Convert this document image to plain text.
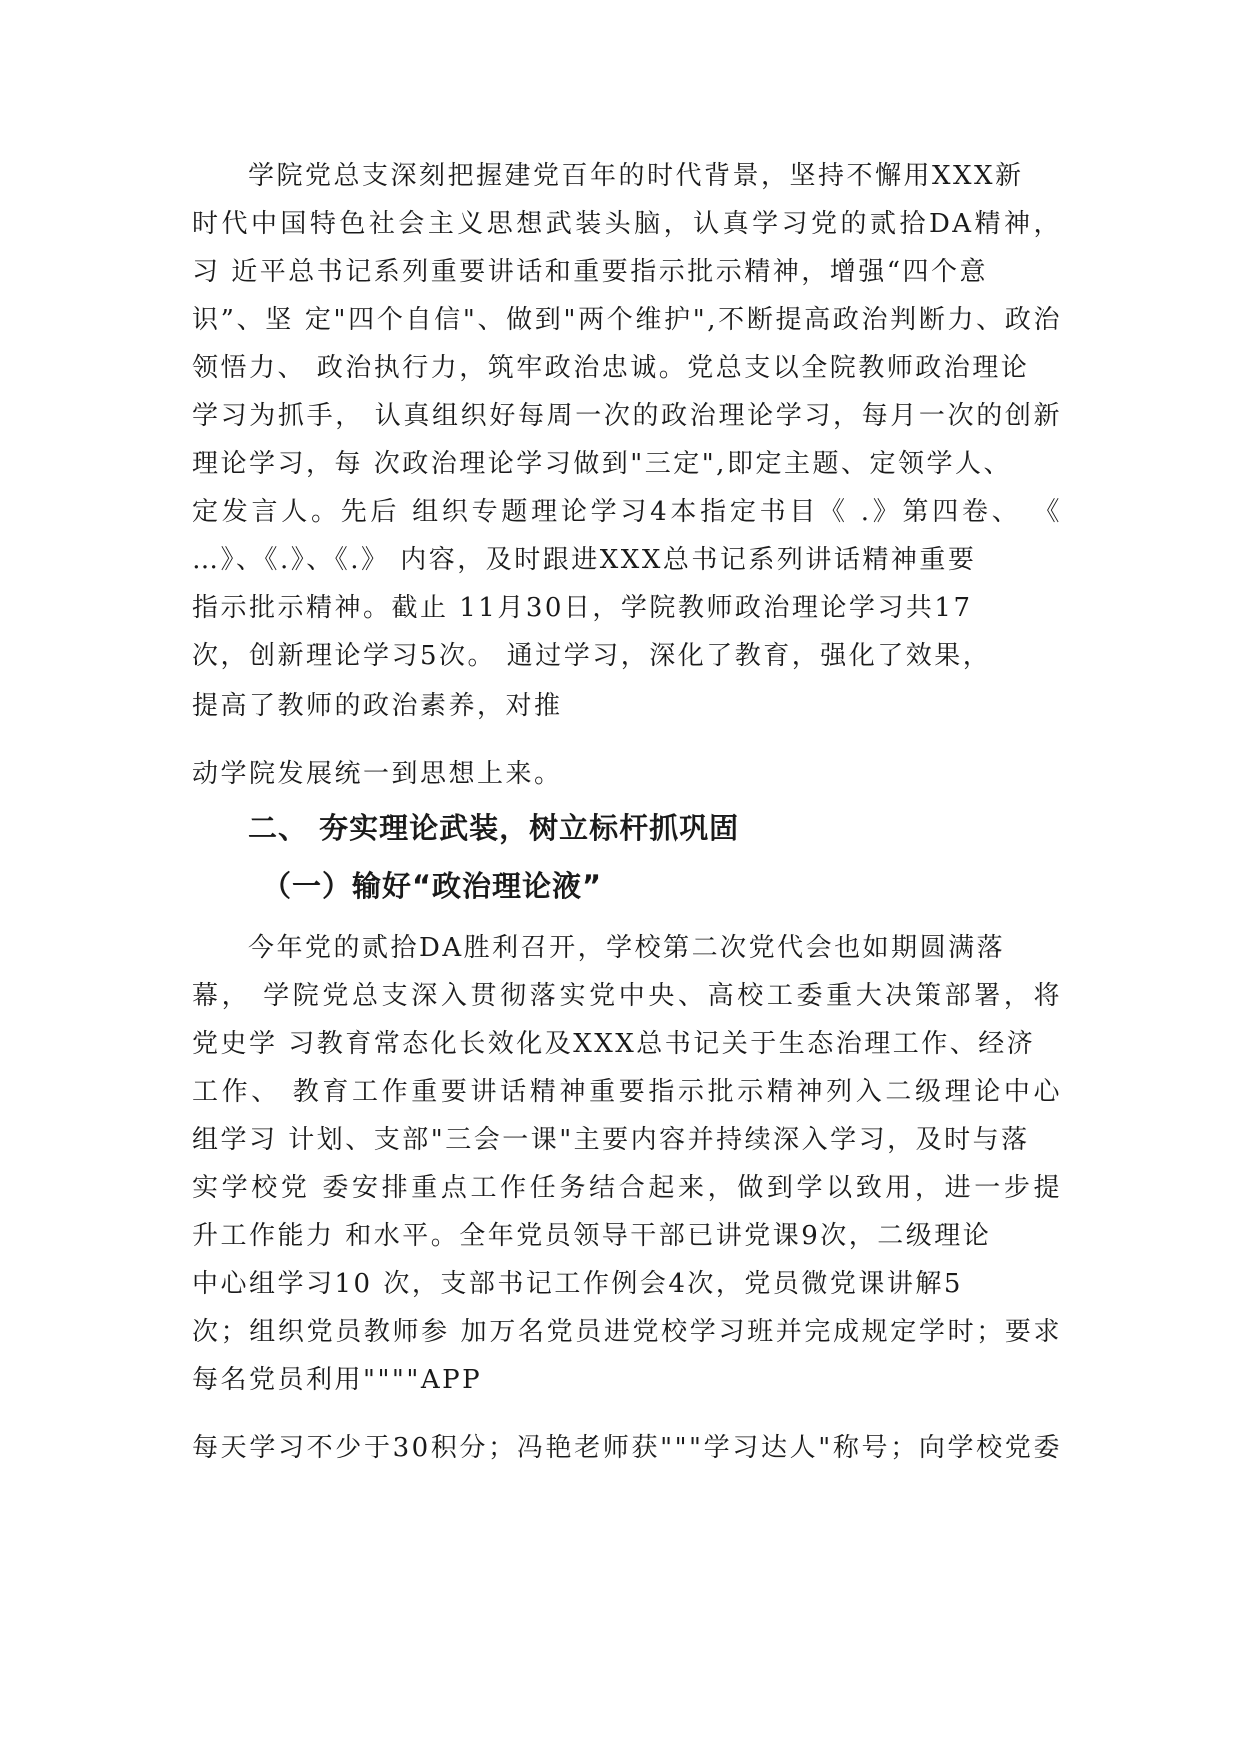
学院党总支深刻把握建党百年的时代背景，坚持不懈用XXX新
时代中国特色社会主义思想武装头脑，认真学习党的贰拾DA精神，
习 近平总书记系列重要讲话和重要指示批示精神，增强“四个意
识”、坚 定"四个自信"、做到"两个维护",不断提高政治判断力、政治
领悟力、 政治执行力，筑牢政治忠诚。党总支以全院教师政治理论
学习为抓手， 认真组织好每周一次的政治理论学习，每月一次的创新
理论学习，每 次政治理论学习做到"三定",即定主题、定领学人、
定发言人。先后 组织专题理论学习4本指定书目《 .》第四卷、 《
…》、《.》、《.》 内容，及时跟进XXX总书记系列讲话精神重要
指示批示精神。截止 11月30日，学院教师政治理论学习共17
次，创新理论学习5次。 通过学习，深化了教育，强化了效果，
提高了教师的政治素养，对推
动学院发展统一到思想上来。
二、 夯实理论武装，树立标杆抓巩固
（一）输好“政治理论液”
今年党的贰拾DA胜利召开，学校第二次党代会也如期圆满落
幕， 学院党总支深入贯彻落实党中央、高校工委重大决策部署，将
党史学 习教育常态化长效化及XXX总书记关于生态治理工作、经济
工作、 教育工作重要讲话精神重要指示批示精神列入二级理论中心
组学习 计划、支部"三会一课"主要内容并持续深入学习，及时与落
实学校党 委安排重点工作任务结合起来，做到学以致用，进一步提
升工作能力 和水平。全年党员领导干部已讲党课9次，二级理论
中心组学习10 次，支部书记工作例会4次，党员微党课讲解5
次；组织党员教师参 加万名党员进党校学习班并完成规定学时；要求
每名党员利用""""APP
每天学习不少于30积分；冯艳老师获"""学习达人"称号；向学校党委
